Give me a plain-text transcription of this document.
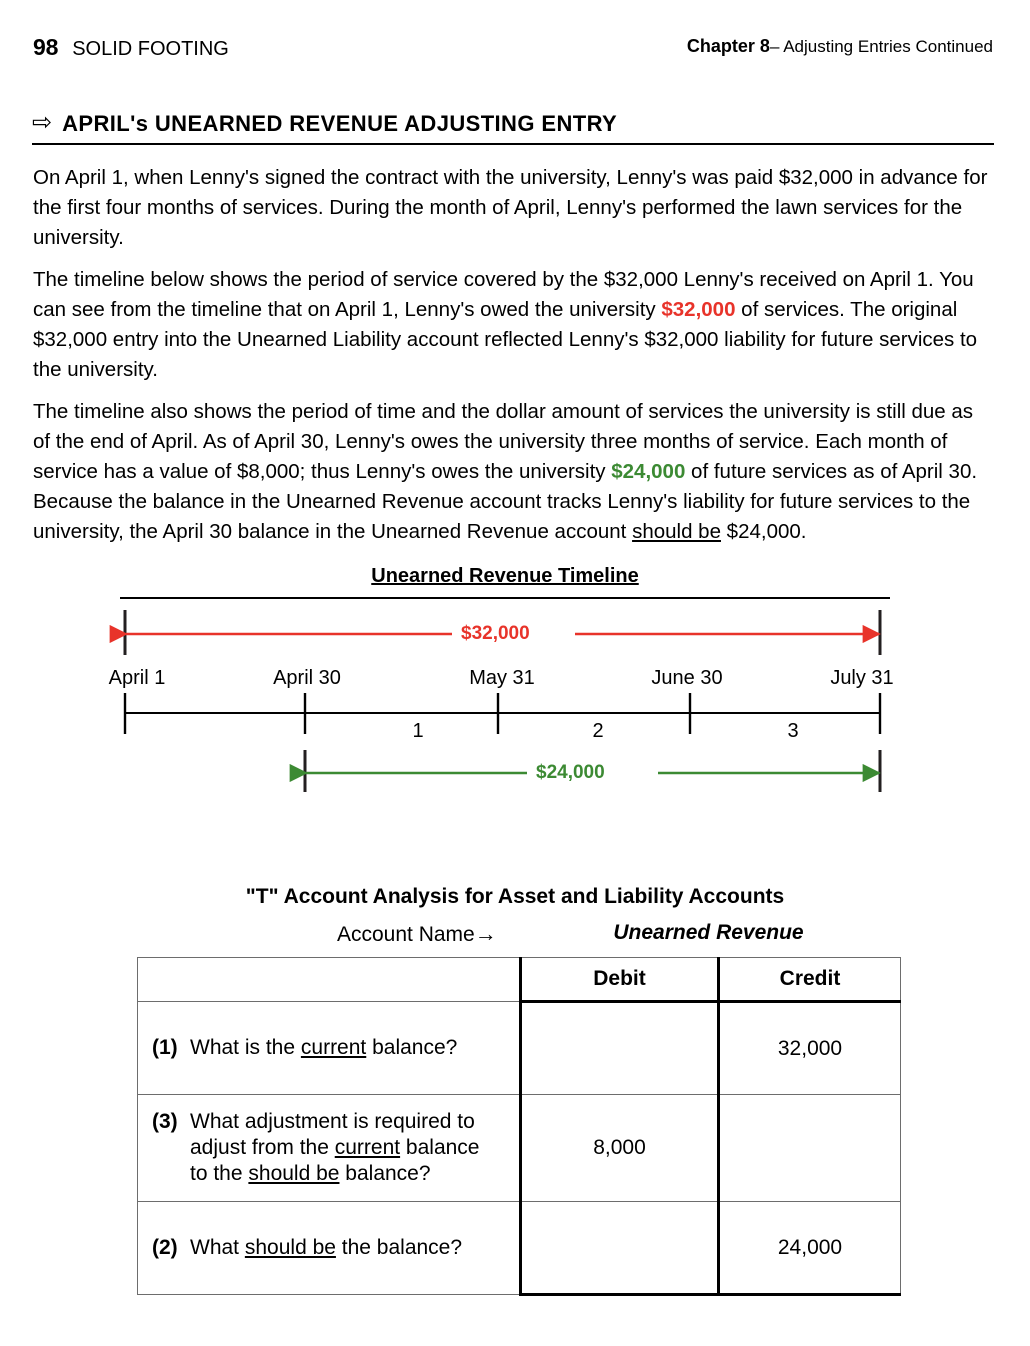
98 SOLID FOOTING	Chapter 8– Adjusting Entries Continued
⇨ APRIL's UNEARNED REVENUE ADJUSTING ENTRY
On April 1, when Lenny's signed the contract with the university, Lenny's was paid $32,000 in advance for the first four months of services. During the month of April, Lenny's performed the lawn services for the university.
The timeline below shows the period of service covered by the $32,000 Lenny's received on April 1. You can see from the timeline that on April 1, Lenny's owed the university $32,000 of services. The original $32,000 entry into the Unearned Liability account reflected Lenny's $32,000 liability for future services to the university.
The timeline also shows the period of time and the dollar amount of services the university is still due as of the end of April. As of April 30, Lenny's owes the university three months of service. Each month of service has a value of $8,000; thus Lenny's owes the university $24,000 of future services as of April 30. Because the balance in the Unearned Revenue account tracks Lenny's liability for future services to the university, the April 30 balance in the Unearned Revenue account should be $24,000.
Unearned Revenue Timeline
$32,000
April 1	April 30	May 31	June 30	July 31
1	2	3
$24,000
"T" Account Analysis for Asset and Liability Accounts
Account Name→	Unearned Revenue
	Debit	Credit
(1) What is the current balance?		32,000
(3) What adjustment is required to
adjust from the current balance
to the should be balance?	8,000	
(2) What should be the balance?		24,000
